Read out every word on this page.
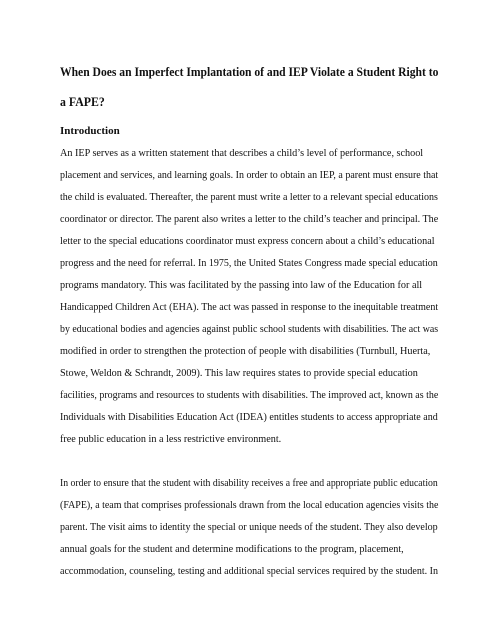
When Does an Imperfect Implantation of and IEP Violate a Student Right to
a FAPE?
Introduction
An IEP serves as a written statement that describes a child’s level of performance, school
placement and services, and learning goals. In order to obtain an IEP, a parent must ensure that
the child is evaluated. Thereafter, the parent must write a letter to a relevant special educations
coordinator or director. The parent also writes a letter to the child’s teacher and principal. The
letter to the special educations coordinator must express concern about a child’s educational
progress and the need for referral. In 1975, the United States Congress made special education
programs mandatory. This was facilitated by the passing into law of the Education for all
Handicapped Children Act (EHA). The act was passed in response to the inequitable treatment
by educational bodies and agencies against public school students with disabilities. The act was
modified in order to strengthen the protection of people with disabilities (Turnbull, Huerta,
Stowe, Weldon & Schrandt, 2009). This law requires states to provide special education
facilities, programs and resources to students with disabilities. The improved act, known as the
Individuals with Disabilities Education Act (IDEA) entitles students to access appropriate and
free public education in a less restrictive environment.
In order to ensure that the student with disability receives a free and appropriate public education
(FAPE), a team that comprises professionals drawn from the local education agencies visits the
parent. The visit aims to identity the special or unique needs of the student. They also develop
annual goals for the student and determine modifications to the program, placement,
accommodation, counseling, testing and additional special services required by the student. In
